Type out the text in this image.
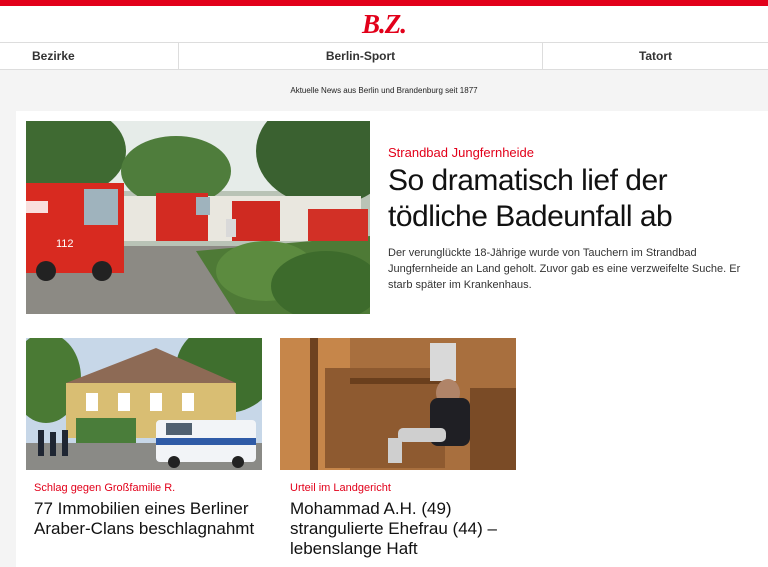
B.Z.
Bezirke	Berlin-Sport	Tatort
Aktuelle News aus Berlin und Brandenburg seit 1877
112
Strandbad Jungfernheide
So dramatisch lief der tödliche Badeunfall ab

Der verunglückte 18-Jährige wurde von Tauchern im Strandbad Jungfernheide an Land geholt. Zuvor gab es eine verzweifelte Suche. Er starb später im Krankenhaus.

Schlag gegen Großfamilie R.
77 Immobilien eines Berliner Araber-Clans beschlagnahmt
Urteil im Landgericht
Mohammad A.H. (49) strangulierte Ehefrau (44) – lebenslange Haft
